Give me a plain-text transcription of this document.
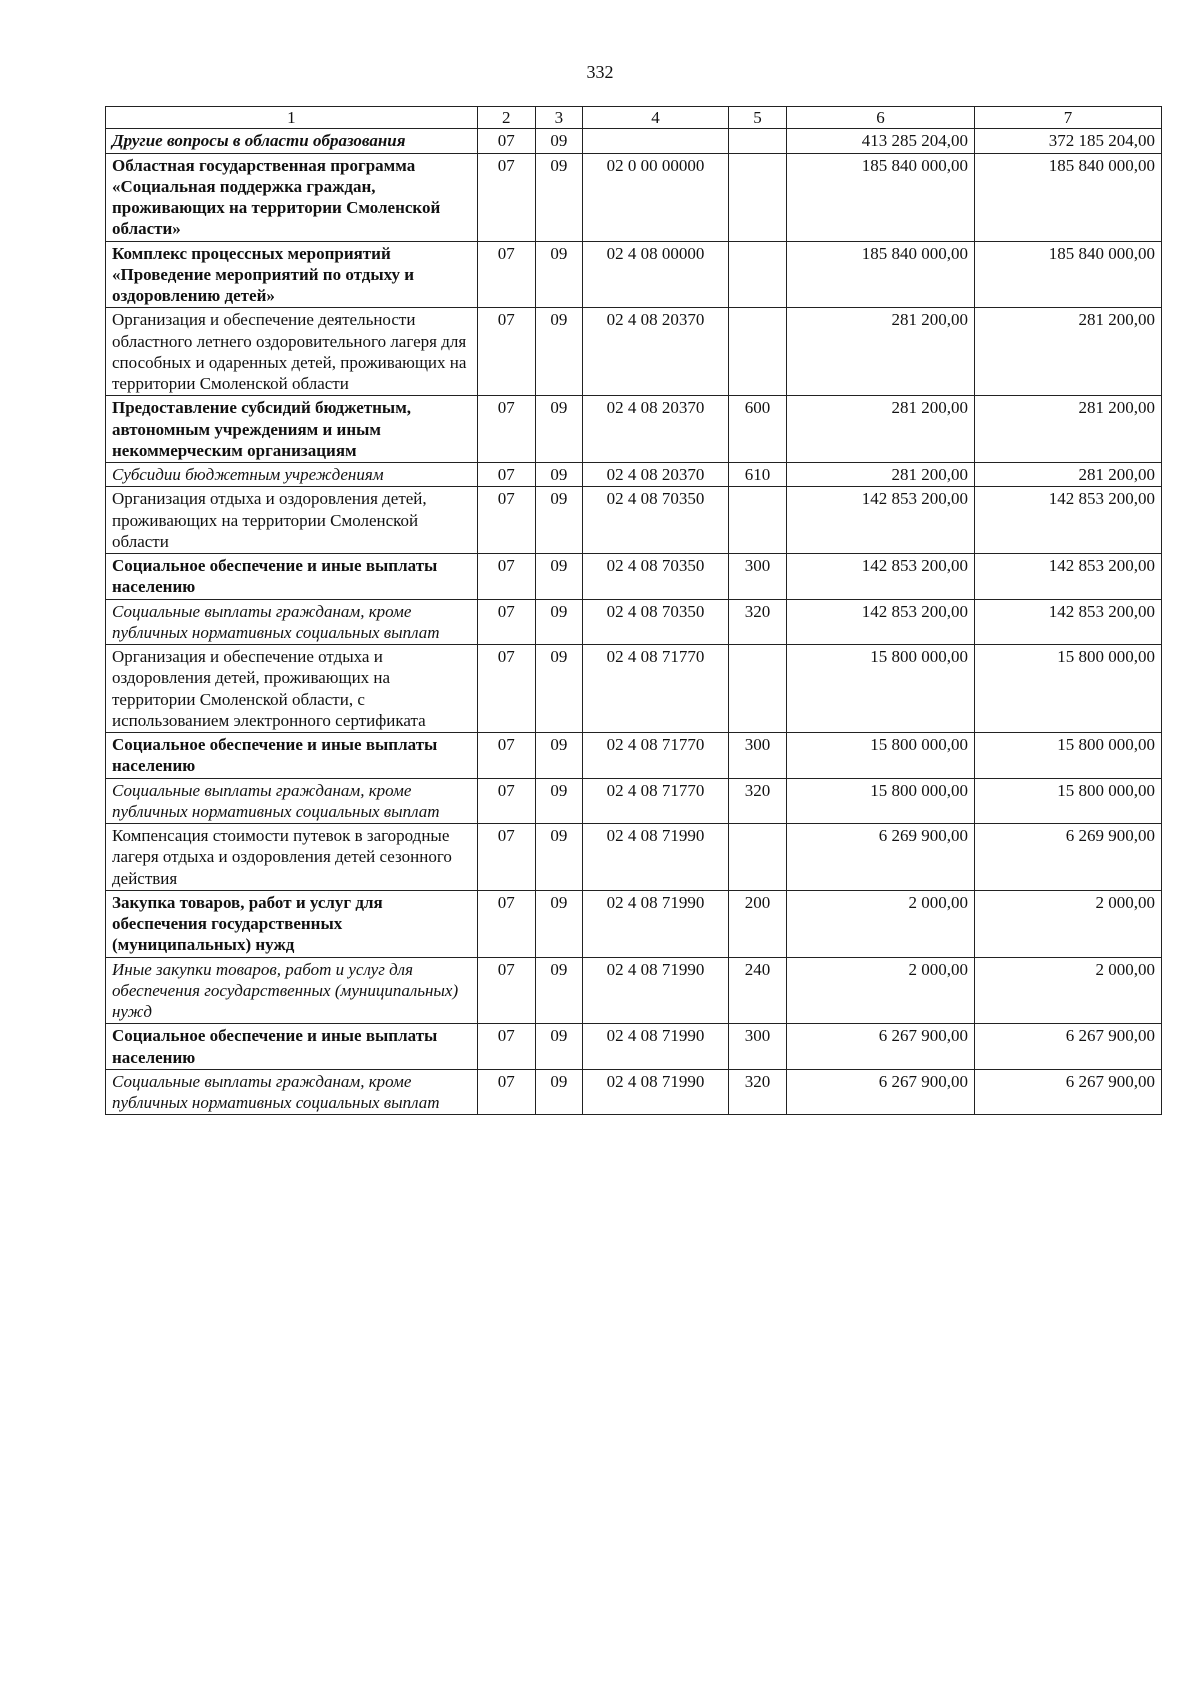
332
1	2	3	4	5	6	7
Другие вопросы в области образования	07	09			413 285 204,00	372 185 204,00
Областная государственная программа «Социальная поддержка граждан, проживающих на территории Смоленской области»	07	09	02 0 00 00000		185 840 000,00	185 840 000,00
Комплекс процессных мероприятий «Проведение мероприятий по отдыху и оздоровлению детей»	07	09	02 4 08 00000		185 840 000,00	185 840 000,00
Организация и обеспечение деятельности областного летнего оздоровительного лагеря для способных и одаренных детей, проживающих на территории Смоленской области	07	09	02 4 08 20370		281 200,00	281 200,00
Предоставление субсидий бюджетным, автономным учреждениям и иным некоммерческим организациям	07	09	02 4 08 20370	600	281 200,00	281 200,00
Субсидии бюджетным учреждениям	07	09	02 4 08 20370	610	281 200,00	281 200,00
Организация отдыха и оздоровления детей, проживающих на территории Смоленской области	07	09	02 4 08 70350		142 853 200,00	142 853 200,00
Социальное обеспечение и иные выплаты населению	07	09	02 4 08 70350	300	142 853 200,00	142 853 200,00
Социальные выплаты гражданам, кроме публичных нормативных социальных выплат	07	09	02 4 08 70350	320	142 853 200,00	142 853 200,00
Организация и обеспечение отдыха и оздоровления детей, проживающих на территории Смоленской области, с использованием электронного сертификата	07	09	02 4 08 71770		15 800 000,00	15 800 000,00
Социальное обеспечение и иные выплаты населению	07	09	02 4 08 71770	300	15 800 000,00	15 800 000,00
Социальные выплаты гражданам, кроме публичных нормативных социальных выплат	07	09	02 4 08 71770	320	15 800 000,00	15 800 000,00
Компенсация стоимости путевок в загородные лагеря отдыха и оздоровления детей сезонного действия	07	09	02 4 08 71990		6 269 900,00	6 269 900,00
Закупка товаров, работ и услуг для обеспечения государственных (муниципальных) нужд	07	09	02 4 08 71990	200	2 000,00	2 000,00
Иные закупки товаров, работ и услуг для обеспечения государственных (муниципальных) нужд	07	09	02 4 08 71990	240	2 000,00	2 000,00
Социальное обеспечение и иные выплаты населению	07	09	02 4 08 71990	300	6 267 900,00	6 267 900,00
Социальные выплаты гражданам, кроме публичных нормативных социальных выплат	07	09	02 4 08 71990	320	6 267 900,00	6 267 900,00
